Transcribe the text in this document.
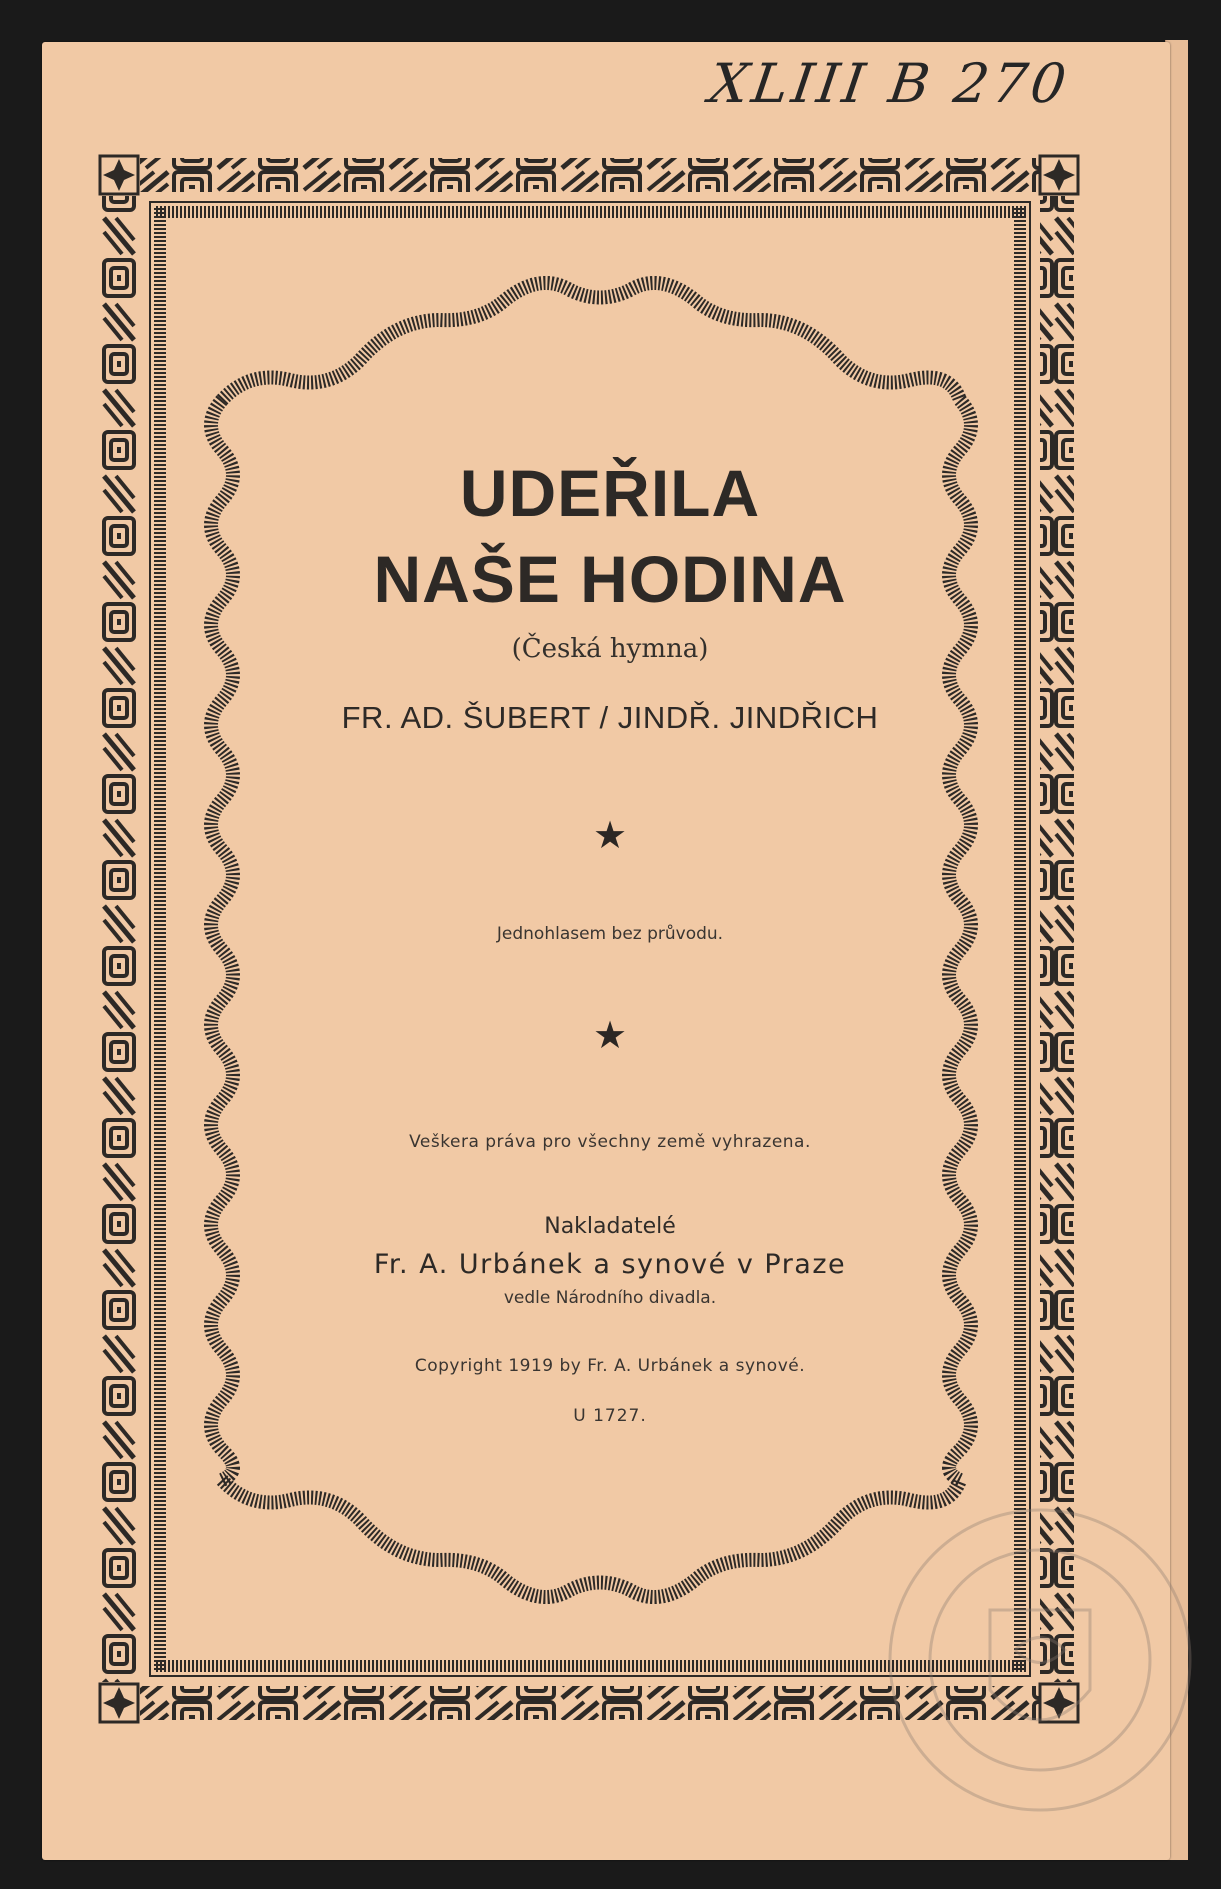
XLIII B 270
UDEŘILA
NAŠE HODINA
(Česká hymna)
FR. AD. ŠUBERT / JINDŘ. JINDŘICH
★
Jednohlasem bez průvodu.
★
Veškera práva pro všechny země vyhrazena.
Nakladatelé
Fr. A. Urbánek a synové v Praze
vedle Národního divadla.
Copyright 1919 by Fr. A. Urbánek a synové.
U 1727.
